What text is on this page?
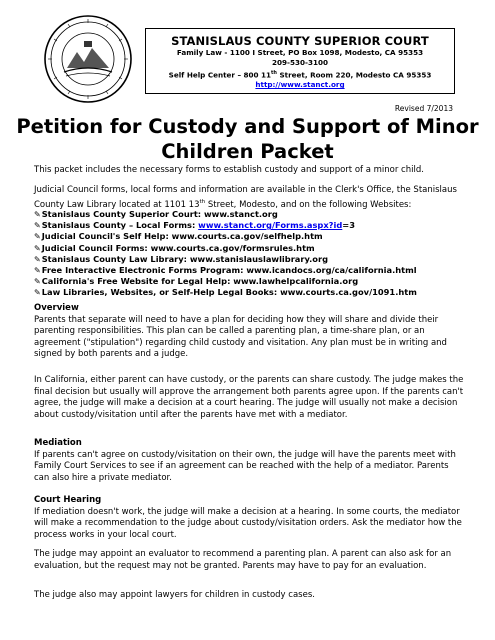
STANISLAUS COUNTY SUPERIOR COURT
Family Law - 1100 I Street, PO Box 1098, Modesto, CA 95353
209-530-3100
Self Help Center – 800 11th Street, Room 220, Modesto CA 95353
http://www.stanct.org
Revised 7/2013
Petition for Custody and Support of Minor
Children Packet

This packet includes the necessary forms to establish custody and support of a minor child.

Judicial Council forms, local forms and information are available in the Clerk's Office, the Stanislaus County Law Library located at 1101 13th Street, Modesto, and on the following Websites:

✎Stanislaus County Superior Court: www.stanct.org
✎Stanislaus County – Local Forms: www.stanct.org/Forms.aspx?id=3
✎Judicial Council's Self Help: www.courts.ca.gov/selfhelp.htm
✎Judicial Council Forms: www.courts.ca.gov/formsrules.htm
✎Stanislaus County Law Library: www.stanislauslawlibrary.org
✎Free Interactive Electronic Forms Program: www.icandocs.org/ca/california.html
✎California's Free Website for Legal Help: www.lawhelpcalifornia.org
✎Law Libraries, Websites, or Self-Help Legal Books: www.courts.ca.gov/1091.htm

Overview

Parents that separate will need to have a plan for deciding how they will share and divide their parenting responsibilities. This plan can be called a parenting plan, a time-share plan, or an agreement ("stipulation") regarding child custody and visitation. Any plan must be in writing and signed by both parents and a judge.

In California, either parent can have custody, or the parents can share custody. The judge makes the final decision but usually will approve the arrangement both parents agree upon. If the parents can't agree, the judge will make a decision at a court hearing. The judge will usually not make a decision about custody/visitation until after the parents have met with a mediator.

Mediation

If parents can't agree on custody/visitation on their own, the judge will have the parents meet with Family Court Services to see if an agreement can be reached with the help of a mediator. Parents can also hire a private mediator.

Court Hearing

If mediation doesn't work, the judge will make a decision at a hearing. In some courts, the mediator will make a recommendation to the judge about custody/visitation orders. Ask the mediator how the process works in your local court.

The judge may appoint an evaluator to recommend a parenting plan. A parent can also ask for an evaluation, but the request may not be granted. Parents may have to pay for an evaluation.

The judge also may appoint lawyers for children in custody cases.
